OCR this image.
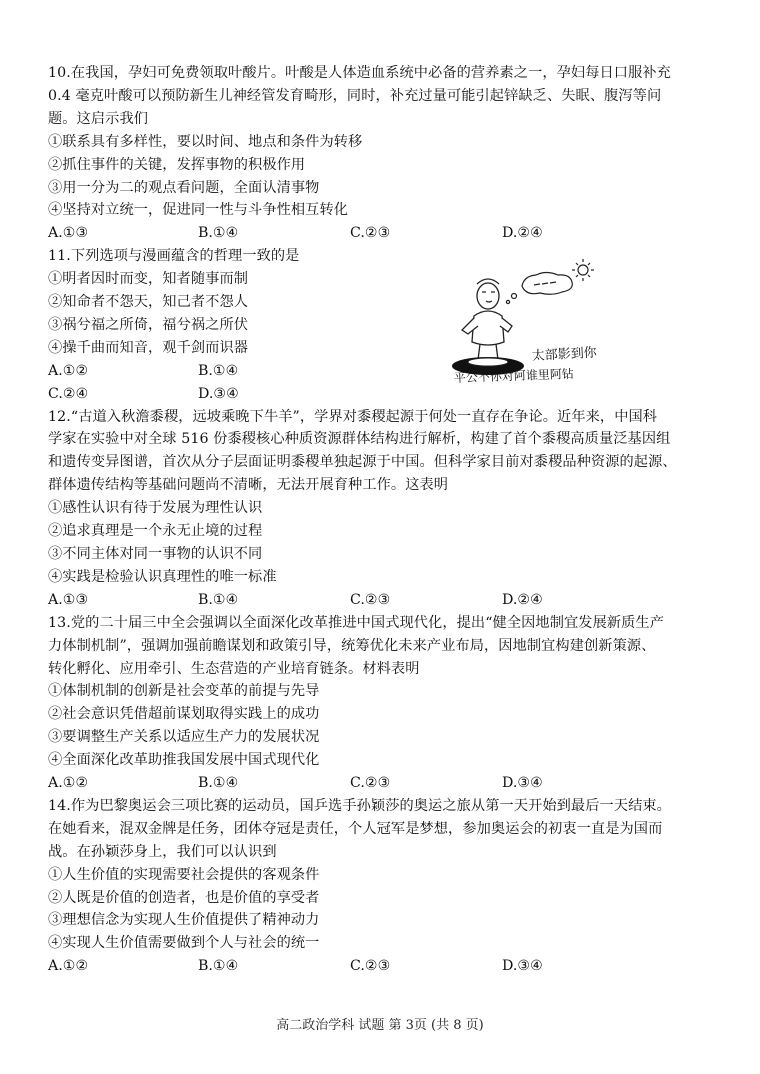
10.在我国，孕妇可免费领取叶酸片。叶酸是人体造血系统中必备的营养素之一，孕妇每日口服补充
0.4 毫克叶酸可以预防新生儿神经管发育畸形，同时，补充过量可能引起锌缺乏、失眠、腹泻等问
题。这启示我们
①联系具有多样性，要以时间、地点和条件为转移
②抓住事件的关键，发挥事物的积极作用
③用一分为二的观点看问题，全面认清事物
④坚持对立统一，促进同一性与斗争性相互转化
A.①③	B.①④	C.②③	D.②④
11.下列选项与漫画蕴含的哲理一致的是
①明者因时而变，知者随事而制
②知命者不怨天，知己者不怨人
③祸兮福之所倚，福兮祸之所伏
④操千曲而知音，观千剑而识器
A.①②	B.①④
C.②④	D.③④
12.“古道入秋澹黍稷，远坡乘晚下牛羊”，学界对黍稷起源于何处一直存在争论。近年来，中国科
学家在实验中对全球 516 份黍稷核心种质资源群体结构进行解析，构建了首个黍稷高质量泛基因组
和遗传变异图谱，首次从分子层面证明黍稷单独起源于中国。但科学家目前对黍稷品种资源的起源、
群体遗传结构等基础问题尚不清晰，无法开展育种工作。这表明
①感性认识有待于发展为理性认识
②追求真理是一个永无止境的过程
③不同主体对同一事物的认识不同
④实践是检验认识真理性的唯一标准
A.①③	B.①④	C.②③	D.②④
13.党的二十届三中全会强调以全面深化改革推进中国式现代化，提出“健全因地制宜发展新质生产
力体制机制”，强调加强前瞻谋划和政策引导，统筹优化未来产业布局，因地制宜构建创新策源、
转化孵化、应用牵引、生态营造的产业培育链条。材料表明
①体制机制的创新是社会变革的前提与先导
②社会意识凭借超前谋划取得实践上的成功
③要调整生产关系以适应生产力的发展状况
④全面深化改革助推我国发展中国式现代化
A.①②	B.①④	C.②③	D.③④
14.作为巴黎奥运会三项比赛的运动员，国乒选手孙颖莎的奥运之旅从第一天开始到最后一天结束。
在她看来，混双金牌是任务，团体夺冠是责任，个人冠军是梦想，参加奥运会的初衷一直是为国而
战。在孙颖莎身上，我们可以认识到
①人生价值的实现需要社会提供的客观条件
②人既是价值的创造者，也是价值的享受者
③理想信念为实现人生价值提供了精神动力
④实现人生价值需要做到个人与社会的统一
A.①②	B.①④	C.②③	D.③④
太部影到你
平公不你对阿谁里阿钻
高二政治学科 试题 第 3页 (共 8 页)
